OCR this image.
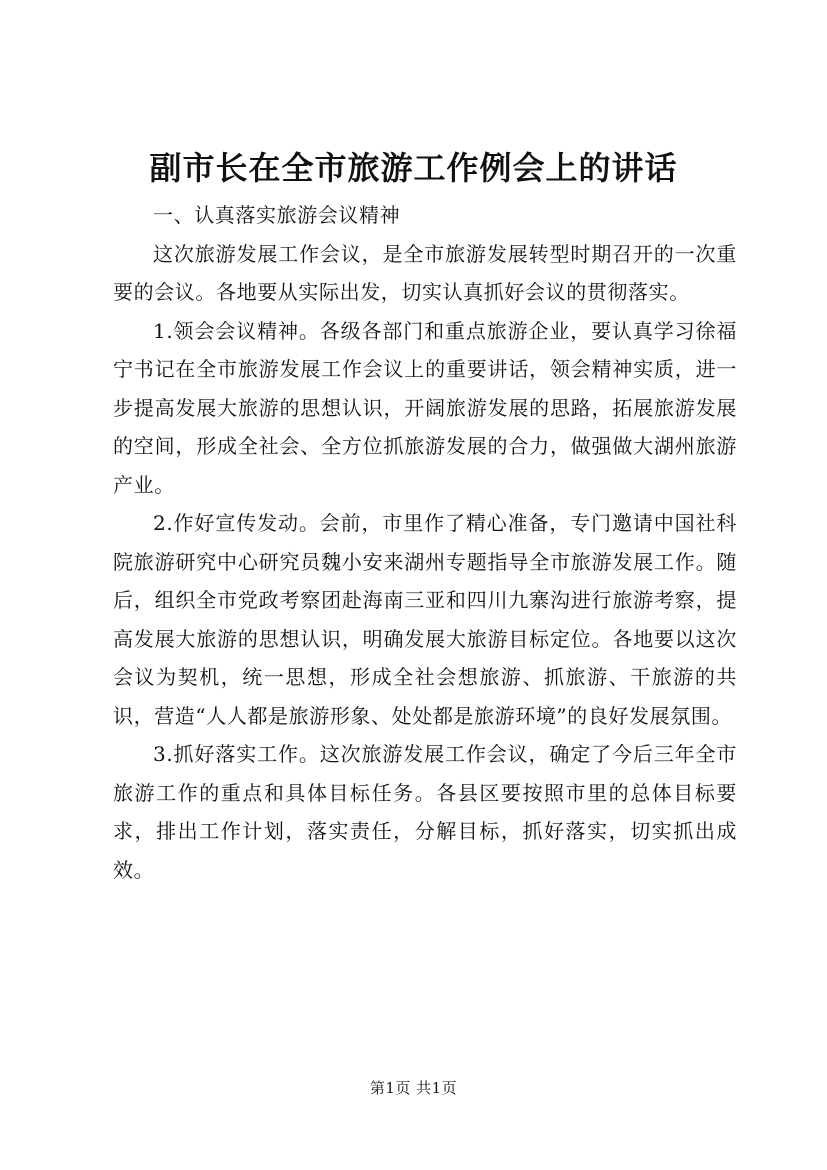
副市长在全市旅游工作例会上的讲话

一、认真落实旅游会议精神

这次旅游发展工作会议，是全市旅游发展转型时期召开的一次重要的会议。各地要从实际出发，切实认真抓好会议的贯彻落实。

1.领会会议精神。各级各部门和重点旅游企业，要认真学习徐福宁书记在全市旅游发展工作会议上的重要讲话，领会精神实质，进一步提高发展大旅游的思想认识，开阔旅游发展的思路，拓展旅游发展的空间，形成全社会、全方位抓旅游发展的合力，做强做大湖州旅游产业。

2.作好宣传发动。会前，市里作了精心准备，专门邀请中国社科院旅游研究中心研究员魏小安来湖州专题指导全市旅游发展工作。随后，组织全市党政考察团赴海南三亚和四川九寨沟进行旅游考察，提高发展大旅游的思想认识，明确发展大旅游目标定位。各地要以这次会议为契机，统一思想，形成全社会想旅游、抓旅游、干旅游的共识，营造“人人都是旅游形象、处处都是旅游环境”的良好发展氛围。

3.抓好落实工作。这次旅游发展工作会议，确定了今后三年全市旅游工作的重点和具体目标任务。各县区要按照市里的总体目标要求，排出工作计划，落实责任，分解目标，抓好落实，切实抓出成效。

第1页 共1页
